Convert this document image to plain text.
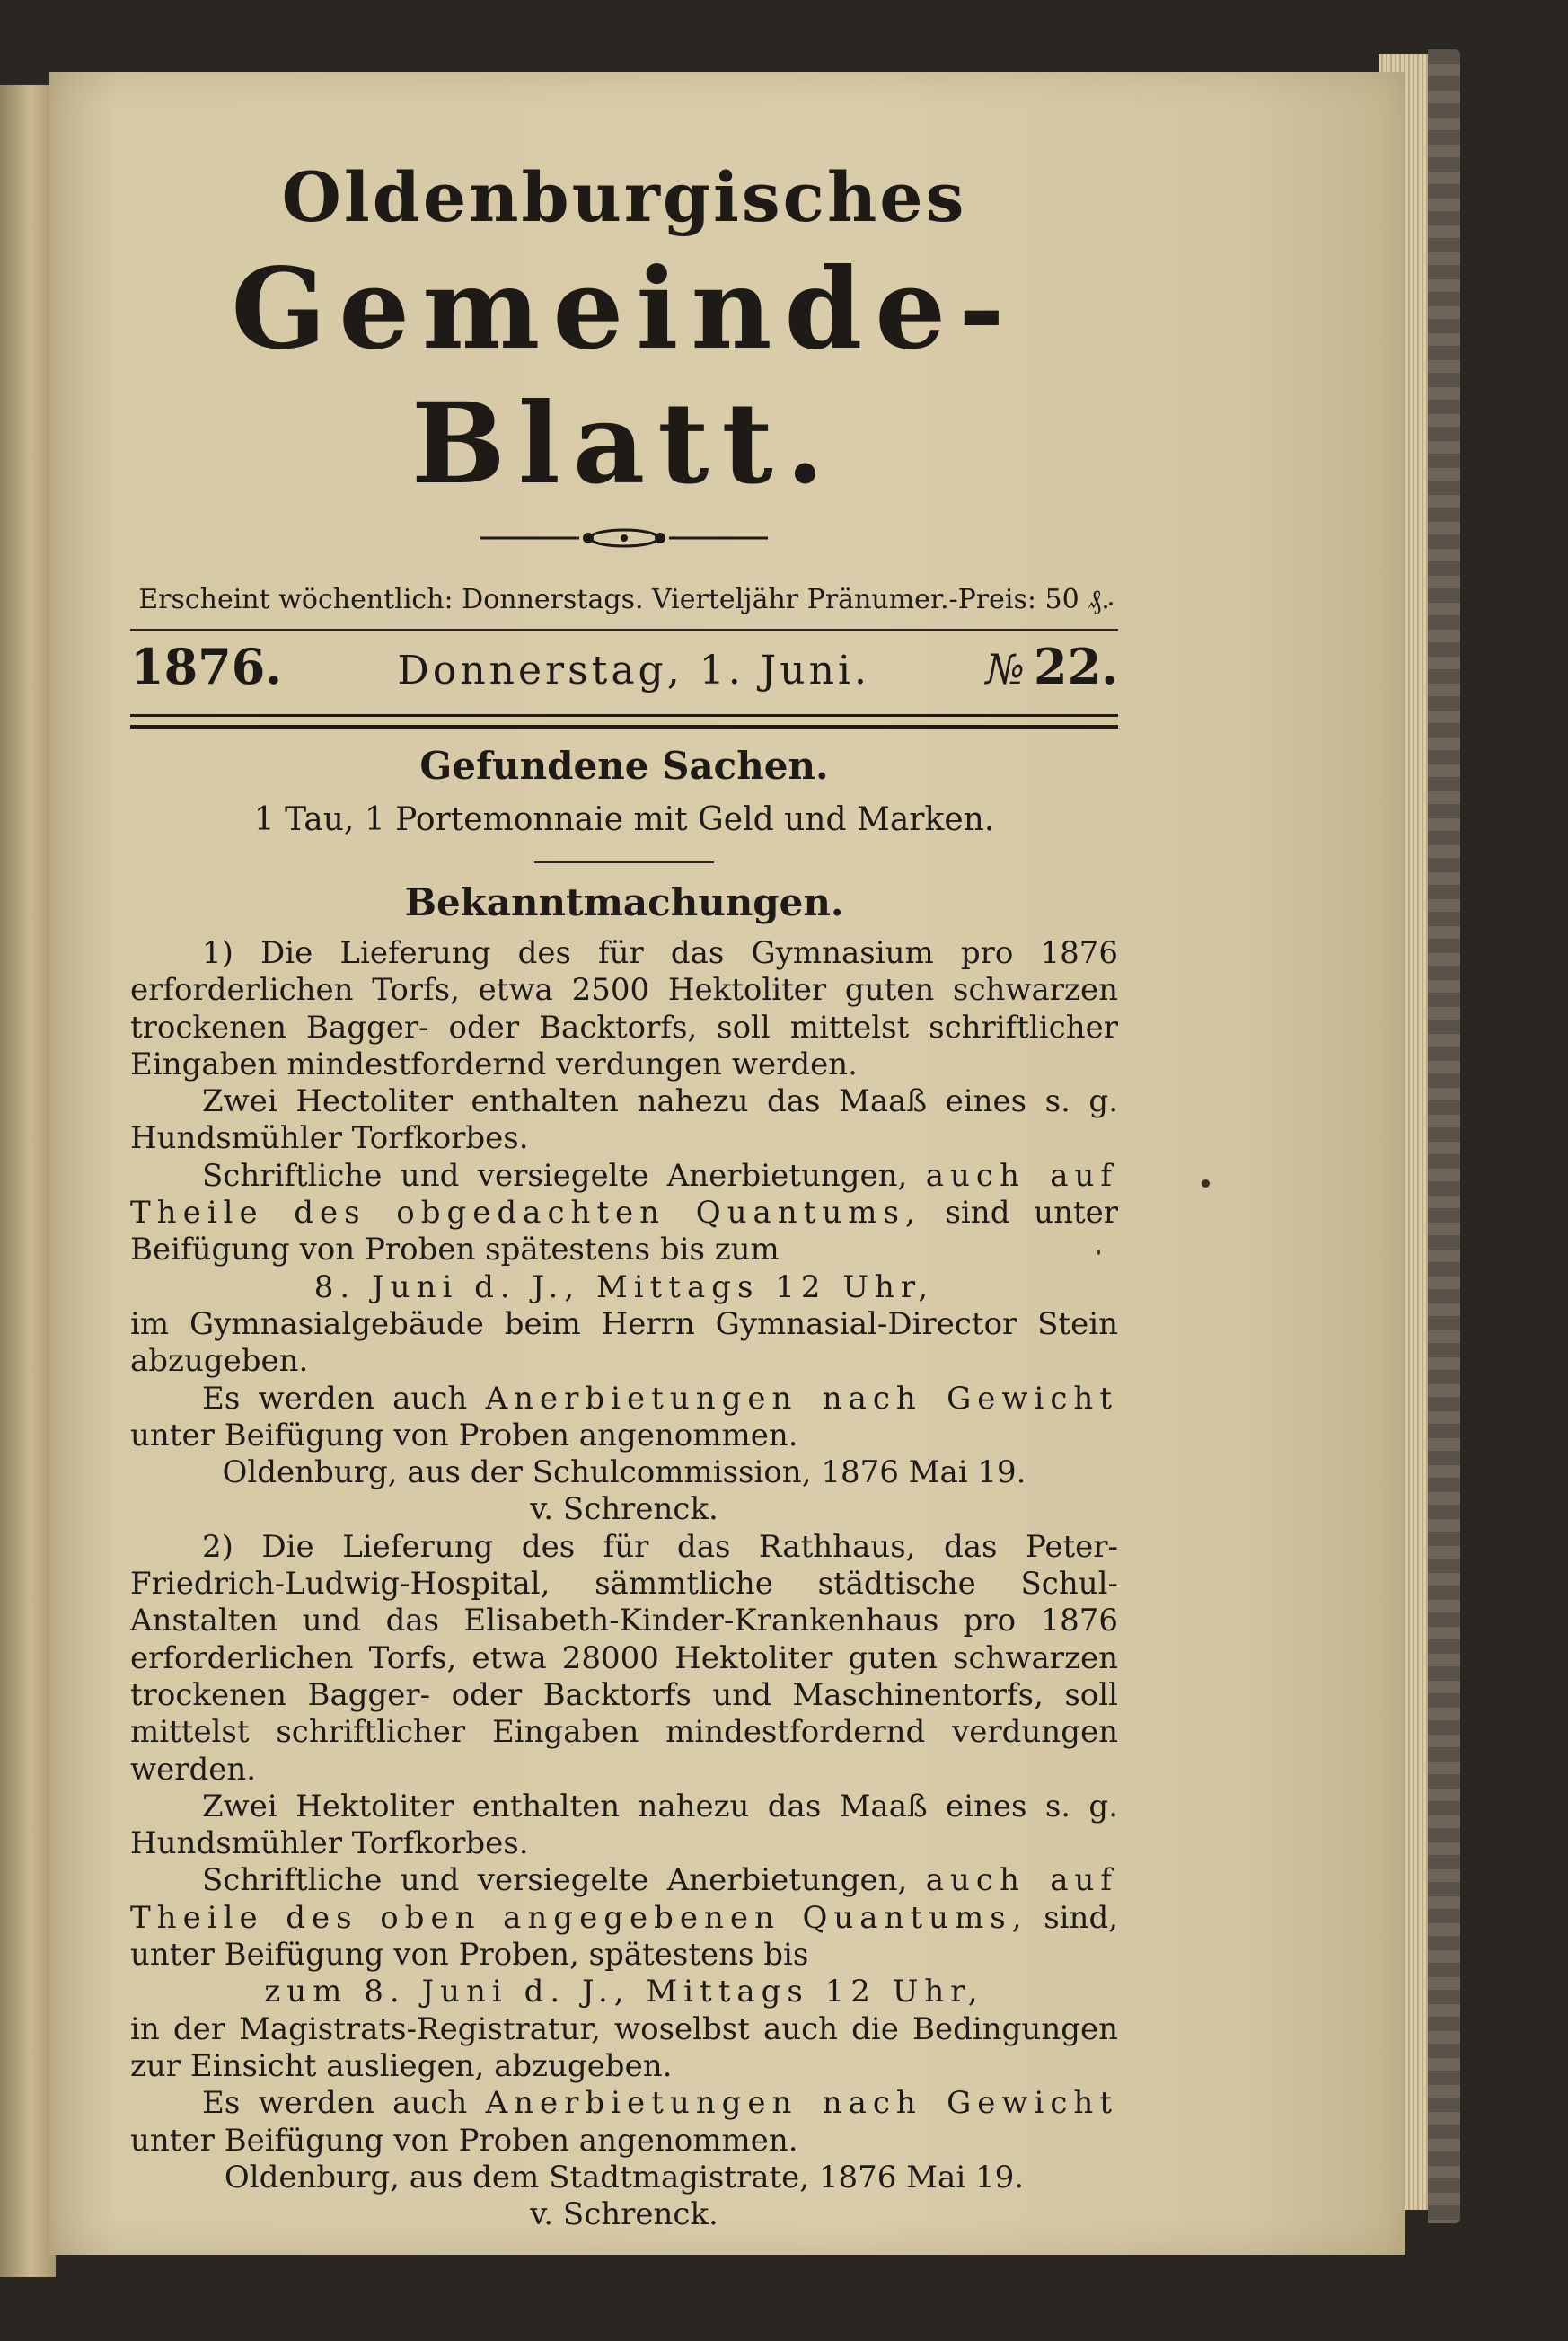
Oldenburgisches
Gemeinde-Blatt.

Erscheint wöchentlich: Donnerstags. Vierteljähr Pränumer.-Preis: 50 ₰.

1876.	Donnerstag, 1. Juni.	№ 22.
Gefundene Sachen.

1 Tau, 1 Portemonnaie mit Geld und Marken.

Bekanntmachungen.

1) Die Lieferung des für das Gymnasium pro 1876 erforderlichen Torfs, etwa 2500 Hektoliter guten schwarzen trockenen Bagger- oder Backtorfs, soll mittelst schriftlicher Eingaben mindestfordernd verdungen werden.

Zwei Hectoliter enthalten nahezu das Maaß eines s. g. Hundsmühler Torfkorbes.

Schriftliche und versiegelte Anerbietungen, auch auf Theile des obgedachten Quantums, sind unter Beifügung von Proben spätestens bis zum

8. Juni d. J., Mittags 12 Uhr,

im Gymnasialgebäude beim Herrn Gymnasial-Director Stein abzugeben.

Es werden auch Anerbietungen nach Gewicht unter Beifügung von Proben angenommen.

Oldenburg, aus der Schulcommission, 1876 Mai 19.

v. Schrenck.

2) Die Lieferung des für das Rathhaus, das Peter-Friedrich-Ludwig-Hospital, sämmtliche städtische Schul-Anstalten und das Elisabeth-Kinder-Krankenhaus pro 1876 erforderlichen Torfs, etwa 28000 Hektoliter guten schwarzen trockenen Bagger- oder Backtorfs und Maschinentorfs, soll mittelst schriftlicher Eingaben mindestfordernd verdungen werden.

Zwei Hektoliter enthalten nahezu das Maaß eines s. g. Hundsmühler Torfkorbes.

Schriftliche und versiegelte Anerbietungen, auch auf Theile des oben angegebenen Quantums, sind, unter Beifügung von Proben, spätestens bis

zum 8. Juni d. J., Mittags 12 Uhr,

in der Magistrats-Registratur, woselbst auch die Bedingungen zur Einsicht ausliegen, abzugeben.

Es werden auch Anerbietungen nach Gewicht unter Beifügung von Proben angenommen.

Oldenburg, aus dem Stadtmagistrate, 1876 Mai 19.

v. Schrenck.
